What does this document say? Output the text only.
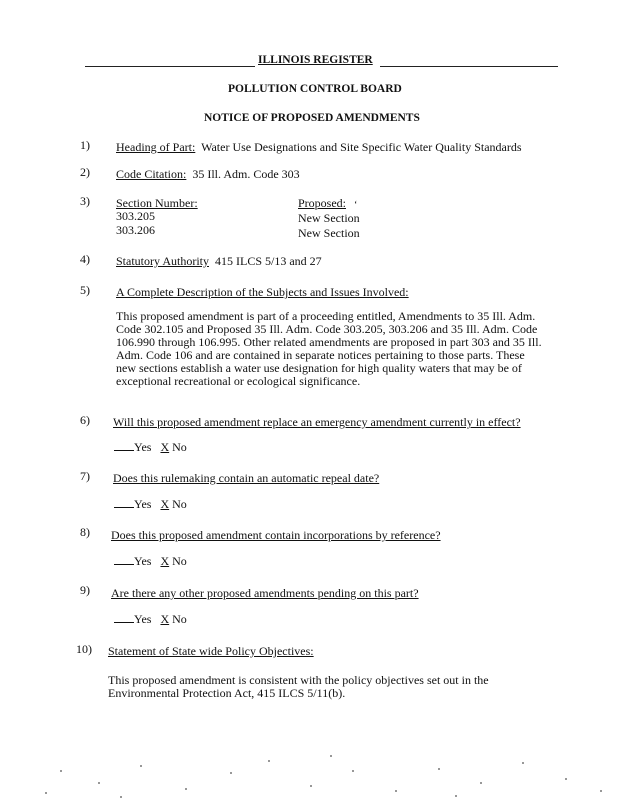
ILLINOIS REGISTER
POLLUTION CONTROL BOARD
NOTICE OF PROPOSED AMENDMENTS
1) Heading of Part: Water Use Designations and Site Specific Water Quality Standards
2) Code Citation: 35 Ill. Adm. Code 303
3) Section Number:	Proposed: ‘
303.205	New Section
303.206	New Section
4) Statutory Authority 415 ILCS 5/13 and 27
5) A Complete Description of the Subjects and Issues Involved:
This proposed amendment is part of a proceeding entitled, Amendments to 35 Ill. Adm.
Code 302.105 and Proposed 35 Ill. Adm. Code 303.205, 303.206 and 35 Ill. Adm. Code
106.990 through 106.995. Other related amendments are proposed in part 303 and 35 Ill.
Adm. Code 106 and are contained in separate notices pertaining to those parts. These
new sections establish a water use designation for high quality waters that may be of
exceptional recreational or ecological significance.
6) Will this proposed amendment replace an emergency amendment currently in effect?
Yes X No
7) Does this rulemaking contain an automatic repeal date?
Yes X No
8) Does this proposed amendment contain incorporations by reference?
Yes X No
9) Are there any other proposed amendments pending on this part?
Yes X No
10) Statement of State wide Policy Objectives:
This proposed amendment is consistent with the policy objectives set out in the
Environmental Protection Act, 415 ILCS 5/11(b).
